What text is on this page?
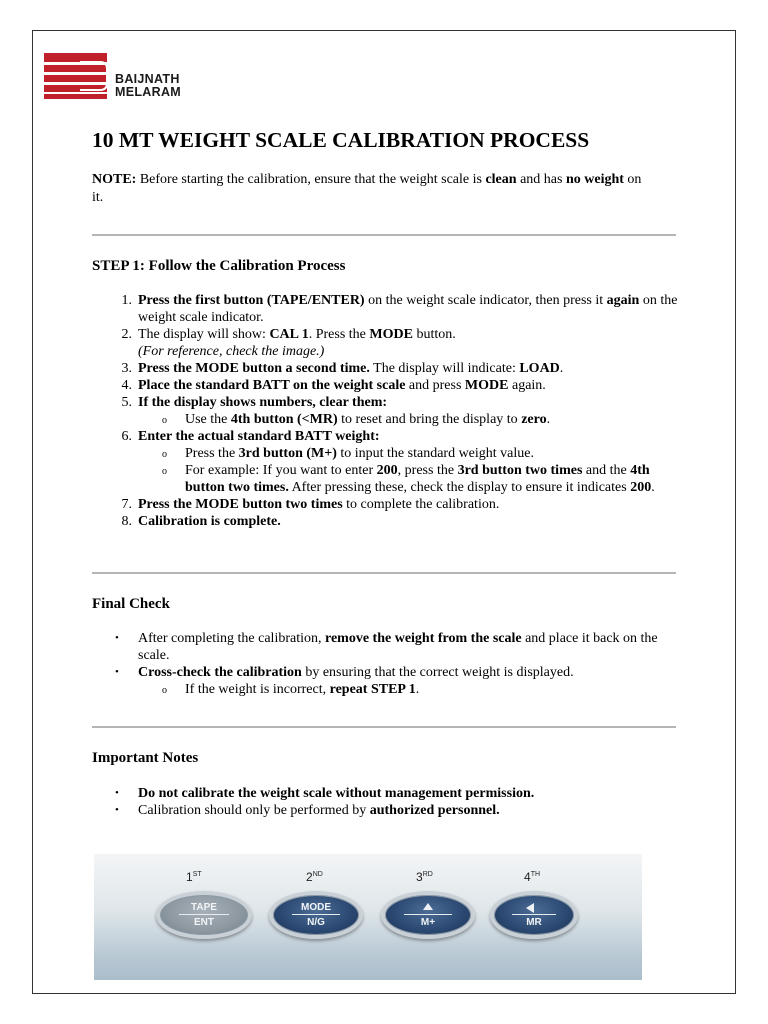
BAIJNATH
MELARAM
10 MT WEIGHT SCALE CALIBRATION PROCESS

NOTE: Before starting the calibration, ensure that the weight scale is clean and has no weight on it.

STEP 1: Follow the Calibration Process
1. Press the first button (TAPE/ENTER) on the weight scale indicator, then press it again on the weight scale indicator.
2. The display will show: CAL 1. Press the MODE button.
(For reference, check the image.)
3. Press the MODE button a second time. The display will indicate: LOAD.
4. Place the standard BATT on the weight scale and press MODE again.
5. If the display shows numbers, clear them:
o Use the 4th button (<MR) to reset and bring the display to zero.
6. Enter the actual standard BATT weight:
o Press the 3rd button (M+) to input the standard weight value.
o For example: If you want to enter 200, press the 3rd button two times and the 4th button two times. After pressing these, check the display to ensure it indicates 200.
7. Press the MODE button two times to complete the calibration.
8. Calibration is complete.
Final Check
• After completing the calibration, remove the weight from the scale and place it back on the scale.
• Cross-check the calibration by ensuring that the correct weight is displayed.
o If the weight is incorrect, repeat STEP 1.
Important Notes
• Do not calibrate the weight scale without management permission.
• Calibration should only be performed by authorized personnel.
1ST	2ND	3RD	4TH
TAPE
ENT
MODE
N/G	M+	MR
